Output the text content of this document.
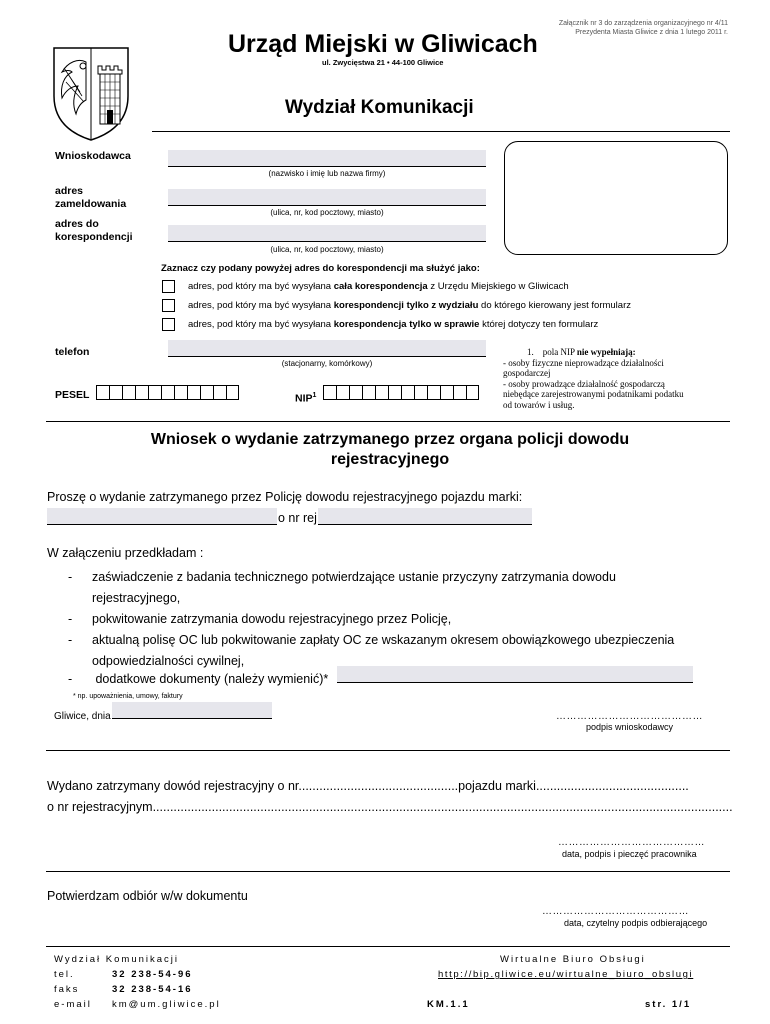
Załącznik nr 3 do zarządzenia organizacyjnego nr 4/11
Prezydenta Miasta Gliwice z dnia 1 lutego 2011 r.
Urząd Miejski w Gliwicach
ul. Zwycięstwa 21 • 44-100 Gliwice
Wydział Komunikacji
Wnioskodawca
(nazwisko i imię lub nazwa firmy)
adres
zameldowania
(ulica, nr, kod pocztowy, miasto)
adres do
korespondencji
(ulica, nr, kod pocztowy, miasto)
Zaznacz czy podany powyżej adres do korespondencji ma służyć jako:
adres, pod który ma być wysyłana cała korespondencja z Urzędu Miejskiego w Gliwicach
adres, pod który ma być wysyłana korespondencji tylko z wydziału do którego kierowany jest formularz
adres, pod który ma być wysyłana korespondencja tylko w sprawie której dotyczy ten formularz
telefon
(stacjonarny, komórkowy)
1. pola NIP nie wypełniają:
- osoby fizyczne nieprowadzące działalności
gospodarczej
- osoby prowadzące działalność gospodarczą
niebędące zarejestrowanymi podatnikami podatku
od towarów i usług.
PESEL	NIP$^1$
Wniosek o wydanie zatrzymanego przez organa policji dowodu
rejestracyjnego
Proszę o wydanie zatrzymanego przez Policję dowodu rejestracyjnego pojazdu marki:
o nr rej
W załączeniu przedkładam :
- zaświadczenie z badania technicznego potwierdzające ustanie przyczyny zatrzymania dowodu
rejestracyjnego,
- pokwitowanie zatrzymania dowodu rejestracyjnego przez Policję,
- aktualną polisę OC lub pokwitowanie zapłaty OC ze wskazanym okresem obowiązkowego ubezpieczenia
odpowiedzialności cywilnej,
- dodatkowe dokumenty (należy wymienić)*
* np. upoważnienia, umowy, faktury
Gliwice, dnia	……………………………………
podpis wnioskodawcy
Wydano zatrzymany dowód rejestracyjny o nr..............................................pojazdu marki............................................
o nr rejestracyjnym.......................................................................................................................................................................
……………………………………
data, podpis i pieczęć pracownika
Potwierdzam odbiór w/w dokumentu
……………………………………
data, czytelny podpis odbierającego
Wydział Komunikacji
tel.	32 238-54-96
faks	32 238-54-16
e-mail km@um.gliwice.pl
Wirtualne Biuro Obsługi
http://bip.gliwice.eu/wirtualne_biuro_obslugi
KM.1.1	str. 1/1
